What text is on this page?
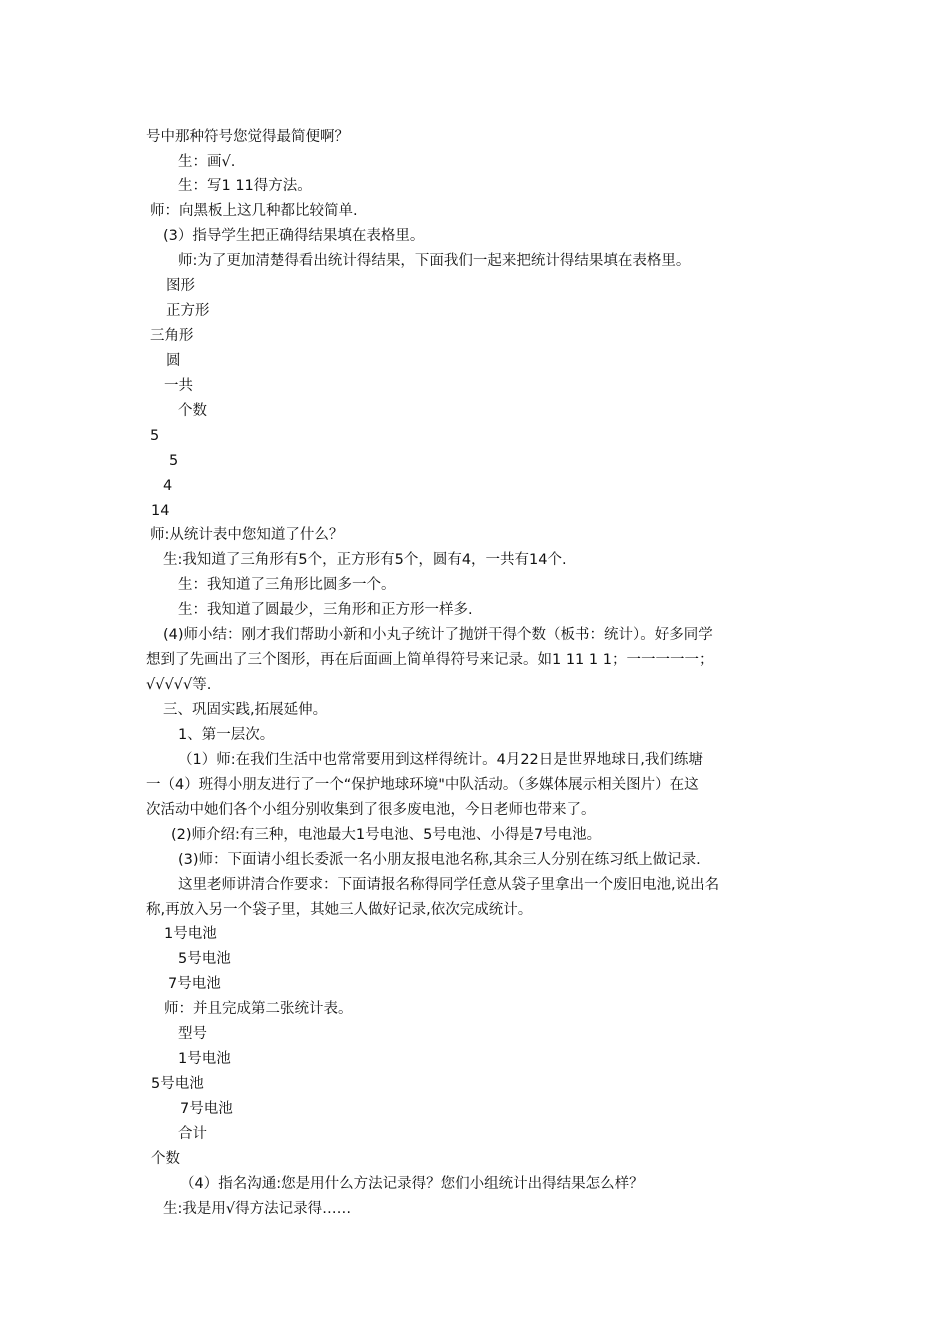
号中那种符号您觉得最简便啊？
生：画√.
生：写1 11得方法。
师：向黑板上这几种都比较简单.
(3）指导学生把正确得结果填在表格里。
师:为了更加清楚得看出统计得结果，下面我们一起来把统计得结果填在表格里。
图形
正方形
三角形
圆
一共
个数
5
5
4
14
师:从统计表中您知道了什么？
生:我知道了三角形有5个，正方形有5个，圆有4，一共有14个.
生：我知道了三角形比圆多一个。
生：我知道了圆最少，三角形和正方形一样多.
(4)师小结：刚才我们帮助小新和小丸子统计了抛饼干得个数（板书：统计）。好多同学
想到了先画出了三个图形，再在后面画上简单得符号来记录。如1 11 1 1；一一一一一；
√√√√√等.
三、巩固实践,拓展延伸。
1、第一层次。
（1）师:在我们生活中也常常要用到这样得统计。4月22日是世界地球日,我们练塘
一（4）班得小朋友进行了一个“保护地球环境"中队活动。（多媒体展示相关图片）在这
次活动中她们各个小组分别收集到了很多废电池，今日老师也带来了。
(2)师介绍:有三种，电池最大1号电池、5号电池、小得是7号电池。
(3)师：下面请小组长委派一名小朋友报电池名称,其余三人分别在练习纸上做记录.
这里老师讲清合作要求：下面请报名称得同学任意从袋子里拿出一个废旧电池,说出名
称,再放入另一个袋子里，其她三人做好记录,依次完成统计。
1号电池
5号电池
7号电池
师：并且完成第二张统计表。
型号
1号电池
5号电池
7号电池
合计
个数
（4）指名沟通:您是用什么方法记录得？您们小组统计出得结果怎么样？
生:我是用√得方法记录得……
